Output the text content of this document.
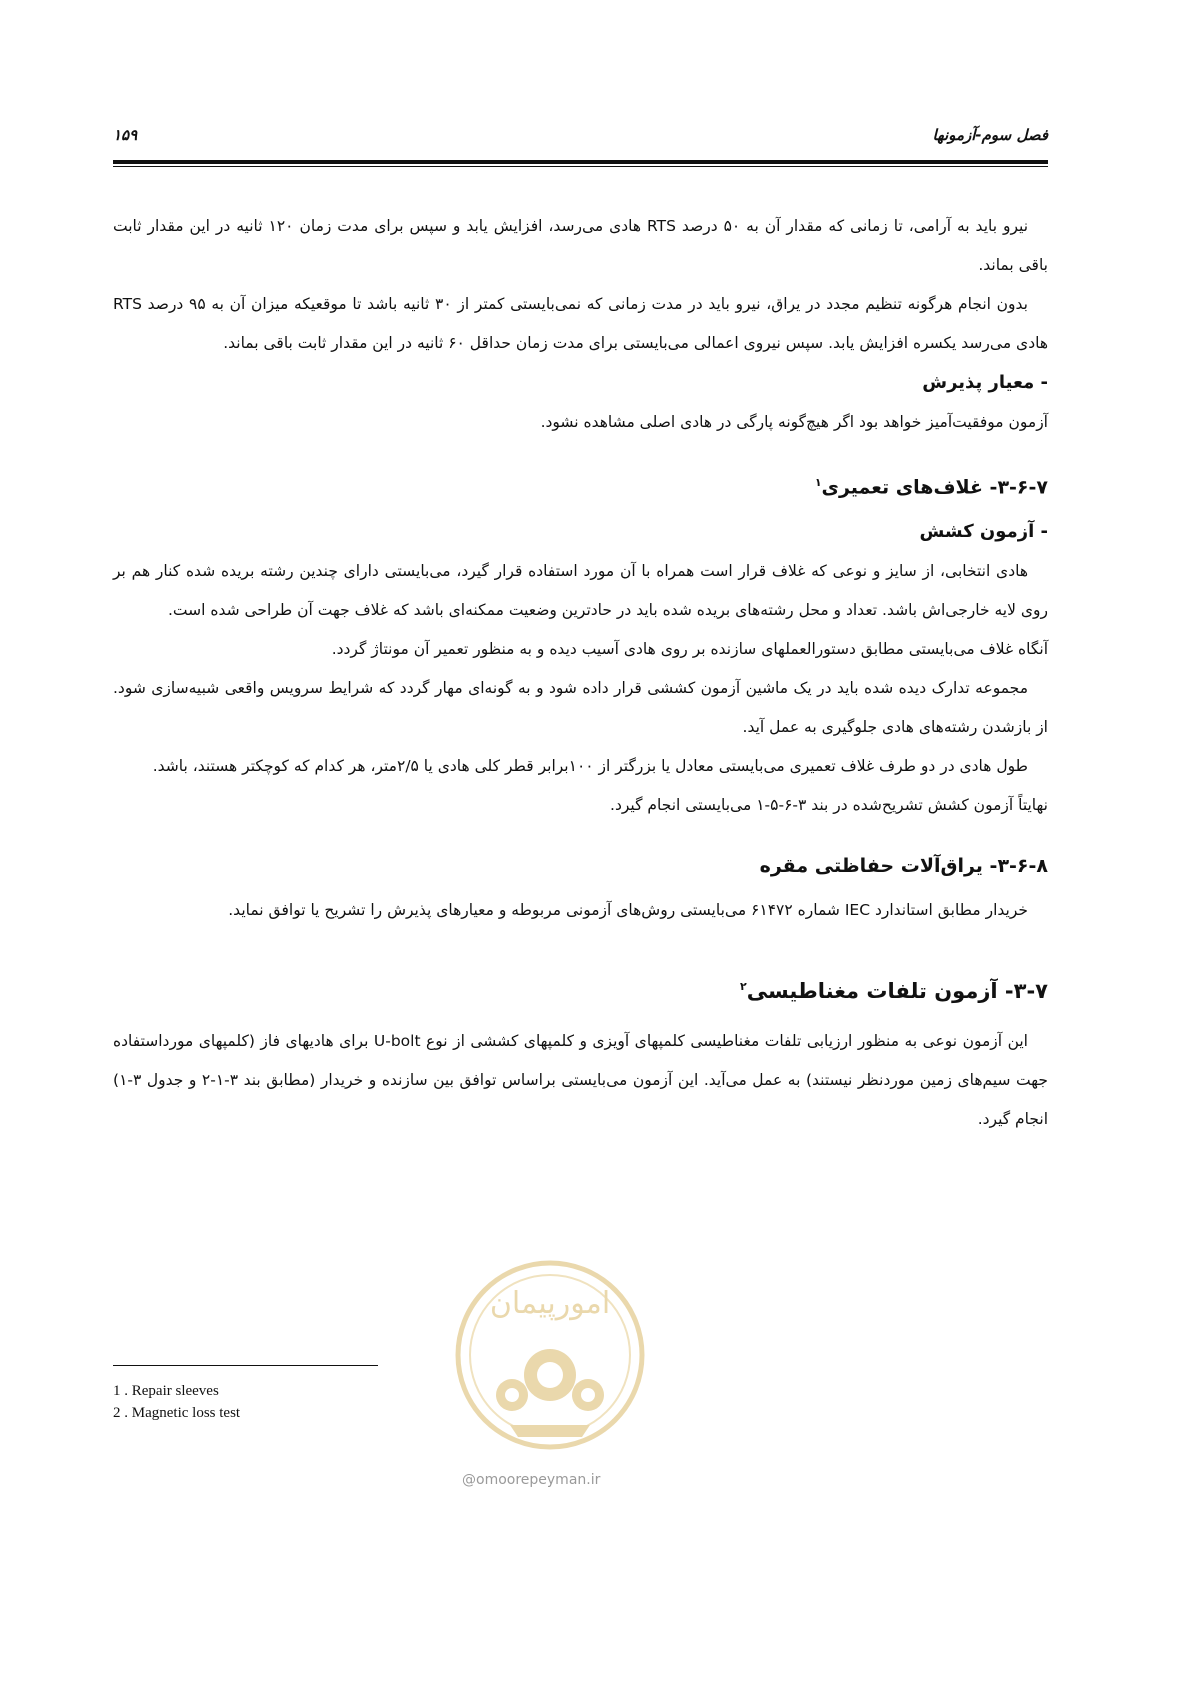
فصل سوم-آزمونها
۱۵۹

نیرو باید به آرامی، تا زمانی که مقدار آن به ۵۰ درصد RTS هادی می‌رسد، افزایش یابد و سپس برای مدت زمان ۱۲۰ ثانیه در این مقدار ثابت باقی بماند.

بدون انجام هرگونه تنظیم مجدد در یراق، نیرو باید در مدت زمانی که نمی‌بایستی کمتر از ۳۰ ثانیه باشد تا موقعیکه میزان آن به ۹۵ درصد RTS هادی می‌رسد یکسره افزایش یابد. سپس نیروی اعمالی می‌بایستی برای مدت زمان حداقل ۶۰ ثانیه در این مقدار ثابت باقی بماند.

- معیار پذیرش

آزمون موفقیت‌آمیز خواهد بود اگر هیچ‌گونه پارگی در هادی اصلی مشاهده نشود.

۳-۶-۷- غلاف‌های تعمیری$^۱$
- آزمون کشش

هادی انتخابی، از سایز و نوعی که غلاف قرار است همراه با آن مورد استفاده قرار گیرد، می‌بایستی دارای چندین رشته بریده شده کنار هم بر روی لایه خارجی‌اش باشد. تعداد و محل رشته‌های بریده شده باید در حادترین وضعیت ممکنه‌ای باشد که غلاف جهت آن طراحی شده است.

آنگاه غلاف می‌بایستی مطابق دستورالعملهای سازنده بر روی هادی آسیب دیده و به منظور تعمیر آن مونتاژ گردد.

مجموعه تدارک دیده شده باید در یک ماشین آزمون کششی قرار داده شود و به گونه‌ای مهار گردد که شرایط سرویس واقعی شبیه‌سازی شود. از بازشدن رشته‌های هادی جلوگیری به عمل آید.

طول هادی در دو طرف غلاف تعمیری می‌بایستی معادل یا بزرگتر از ۱۰۰برابر قطر کلی هادی یا ۲/۵متر، هر کدام که کوچکتر هستند، باشد.

نهایتاً آزمون کشش تشریح‌شده در بند ۳-۶-۵-۱ می‌بایستی انجام گیرد.

۳-۶-۸- یراق‌آلات حفاظتی مقره

خریدار مطابق استاندارد IEC شماره ۶۱۴۷۲ می‌بایستی روش‌های آزمونی مربوطه و معیارهای پذیرش را تشریح یا توافق نماید.

۳-۷- آزمون تلفات مغناطیسی$^۲$

این آزمون نوعی به منظور ارزیابی تلفات مغناطیسی کلمپهای آویزی و کلمپهای کششی از نوع U-bolt برای هادیهای فاز (کلمپهای مورداستفاده جهت سیم‌های زمین موردنظر نیستند) به عمل می‌آید. این آزمون می‌بایستی براساس توافق بین سازنده و خریدار (مطابق بند ۳-۱-۲ و جدول ۳-۱) انجام گیرد.

1 . Repair sleeves
2 . Magnetic loss test
امورپیمان
@omoorepeyman.ir
